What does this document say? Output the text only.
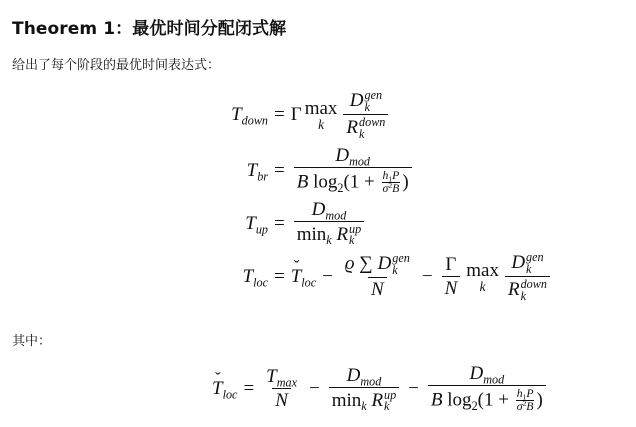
Theorem 1：最优时间分配闭式解

给出了每个阶段的最优时间表达式：

$T_{down} = \Gamma$ max
k D gen
k
R down
k
$T_{br} = \frac{D_{mod}}{B \log_2(1 + \frac{h_1P}{\sigma^2B} )}$
$T_{up} = D_{mod}$
$\min_k R$ up
k
$T_{loc}$ =
ˇ T $_{loc}$ − ϱ ∑ D gen
k
$N - \frac{\Gamma}{N}$ max
k D gen
k
R down
k

其中：

ˇ T $_{loc} = \frac{T_{max}}{N} - D_{mod}$
$\min_k R$ up
$k - \frac{D_{mod}}{B \log_2(1 + \frac{h_1P}{\sigma^2B} )}$
